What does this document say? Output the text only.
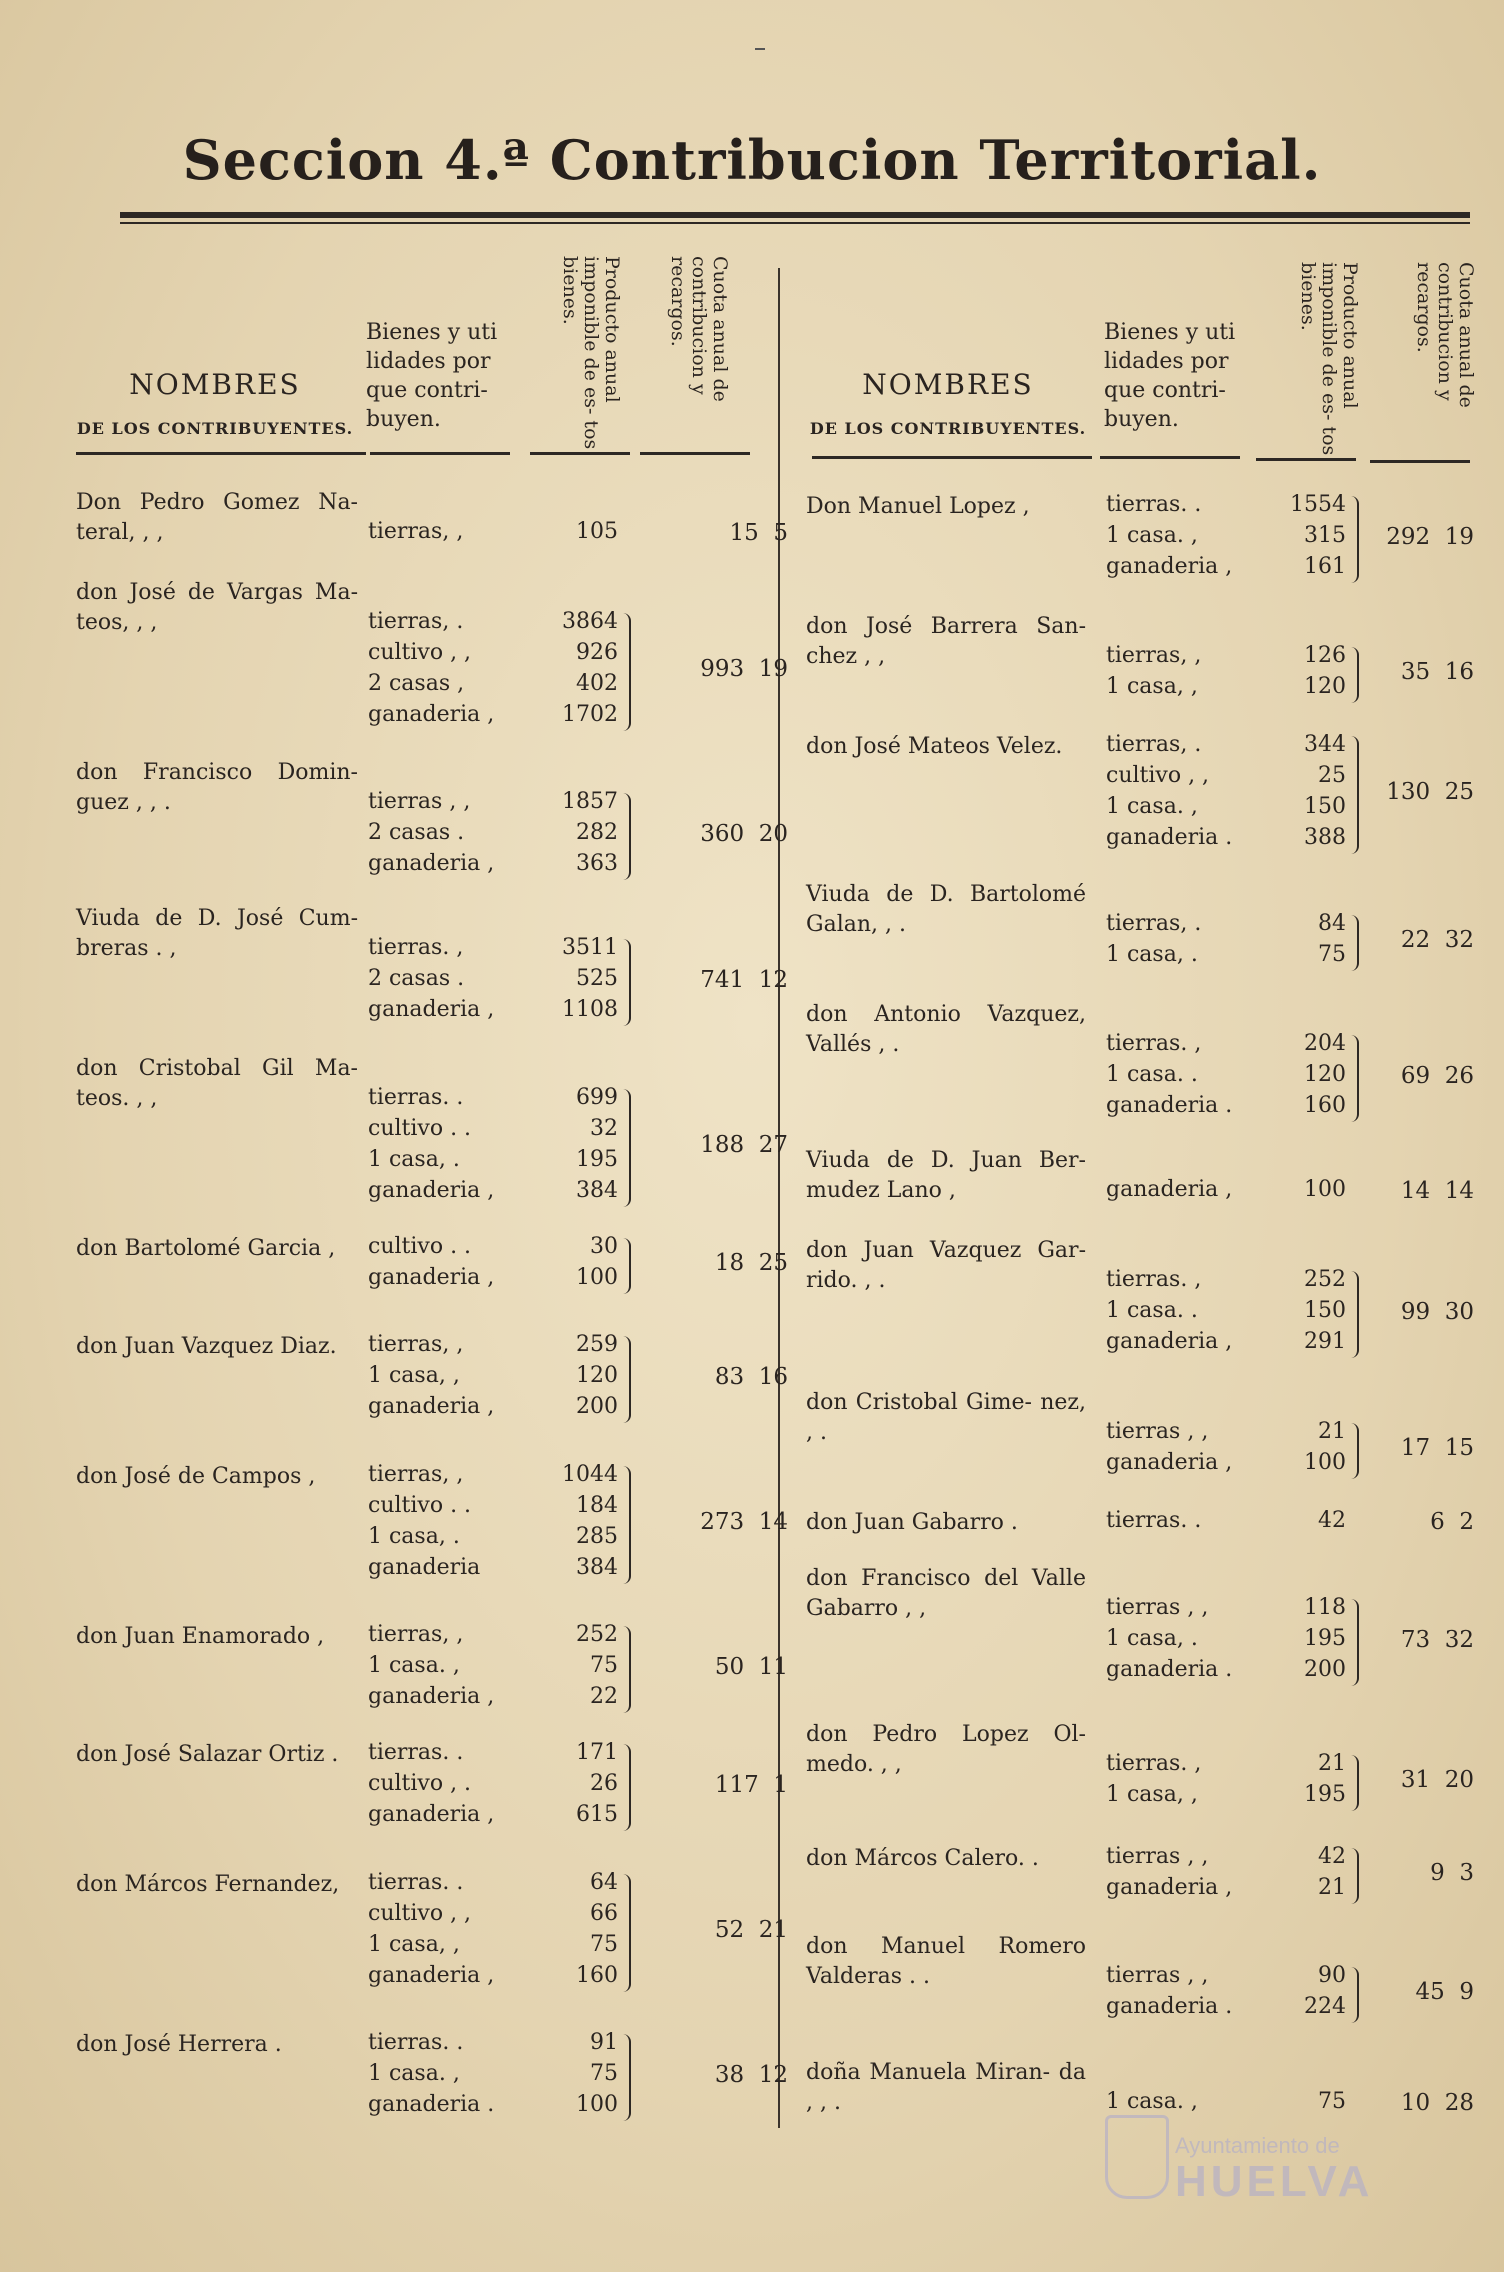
Seccion 4.ª Contribucion Territorial.
NOMBRES
DE LOS CONTRIBUYENTES.
Bienes y uti
lidades por
que contri-
buyen.
Producto anual imponible de es- tos bienes.	Cuota anual de contribucion y recargos.
NOMBRES
DE LOS CONTRIBUYENTES.
Bienes y uti
lidades por
que contri-
buyen.
Producto anual imponible de es- tos bienes.	Cuota anual de contribucion y recargos.
Don Pedro Gomez Na- teral, , ,	tierras, ,	105	15  5
don José de Vargas Ma- teos, , ,	tierras, .	3864
cultivo , ,	926
2 casas ,	402
ganaderia ,	1702
993  19
don Francisco Domin- guez , , .	tierras , ,	1857
2 casas .	282
ganaderia ,	363
360  20
Viuda de D. José Cum- breras . ,	tierras. ,	3511
2 casas .	525
ganaderia ,	1108
741  12
don Cristobal Gil Ma- teos. , ,	tierras. .	699
cultivo . .	32
1 casa, .	195
ganaderia ,	384
188  27
don Bartolomé Garcia ,	cultivo . .	30
ganaderia ,	100
18  25
don Juan Vazquez Diaz.	tierras, ,	259
1 casa, ,	120
ganaderia ,	200
83  16
don José de Campos ,	tierras, ,	1044
cultivo . .	184
1 casa, .	285
ganaderia	384
273  14
don Juan Enamorado ,	tierras, ,	252
1 casa. ,	75
ganaderia ,	22
50  11
don José Salazar Ortiz .	tierras. .	171
cultivo , .	26
ganaderia ,	615
117  1
don Márcos Fernandez,	tierras. .	64
cultivo , ,	66
1 casa, ,	75
ganaderia ,	160
52  21
don José Herrera .	tierras. .	91
1 casa. ,	75
ganaderia .	100
38  12
Don Manuel Lopez ,	tierras. .	1554
1 casa. ,	315
ganaderia ,	161
292  19
don José Barrera San- chez , ,	tierras, ,	126
1 casa, ,	120
35  16
don José Mateos Velez.	tierras, .	344
cultivo , ,	25
1 casa. ,	150
ganaderia .	388
130  25
Viuda de D. Bartolomé Galan, , .	tierras, .	84
1 casa, .	75
22  32
don Antonio Vazquez, Vallés , .	tierras. ,	204
1 casa. .	120
ganaderia .	160
69  26
Viuda de D. Juan Ber- mudez Lano ,	ganaderia ,	100	14  14
don Juan Vazquez Gar- rido. , .	tierras. ,	252
1 casa. .	150
ganaderia ,	291
99  30
don Cristobal Gime- nez, , .	tierras , ,	21
ganaderia ,	100
17  15
don Juan Gabarro .	tierras. .	42	6  2
don Francisco del Valle Gabarro , ,	tierras , ,	118
1 casa, .	195
ganaderia .	200
73  32
don Pedro Lopez Ol- medo. , ,	tierras. ,	21
1 casa, ,	195
31  20
don Márcos Calero. .	tierras , ,	42
ganaderia ,	21
9  3
don Manuel Romero Valderas . .	tierras , ,	90
ganaderia .	224
45  9
doña Manuela Miran- da , , .	1 casa. ,	75	10  28
Ayuntamiento de
HUELVA
